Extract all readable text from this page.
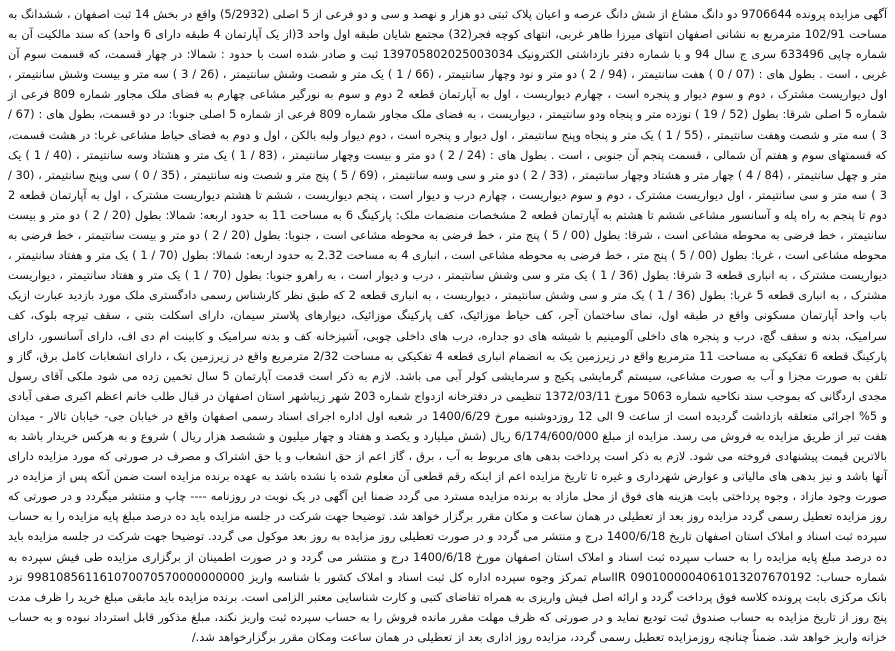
آگهی مزایده پرونده 9706644 دو دانگ مشاع از شش دانگ عرصه و اعیان پلاک ثبتی دو هزار و نهصد و سی و دو فرعی از 5 اصلی (5/2932) واقع در بخش 14 ثبت اصفهان ، ششدانگ به مساحت 102/91 مترمربع به نشانی اصفهان انتهای میرزا طاهر غربی، انتهای کوچه فجر(32) مجتمع شایان طبقه اول واحد 3(از یک آپارتمان 4 طبقه دارای 6 واحد) که سند مالکیت آن به شماره چاپی 633496 سری ج سال 94 و با شماره دفتر بازداشتی الکترونیک 139705802025003034 ثبت و صادر شده است با حدود : شمالا: در چهار قسمت، که قسمت سوم آن غربی ، است . بطول های : (07 / 0 ) هفت سانتیمتر ، (94 / 2 ) دو متر و نود وچهار سانتیمتر ، (66 / 1 ) یک متر و شصت وشش سانتیمتر ، (26 / 3 ) سه متر و بیست وشش سانتیمتر ، اول دیواریست مشترک ، دوم و سوم دیوار و پنجره است ، چهارم دیواریست ، اول به آپارتمان قطعه 2 دوم و سوم به نورگیر مشاعی چهارم به فضای ملک مجاور شماره 809 فرعی از شماره 5 اصلی شرقا: بطول (52 / 19 ) نوزده متر و پنجاه ودو سانتیمتر ، دیواریست ، به فضای ملک مجاور شماره 809 فرعی از شماره 5 اصلی جنوبا: در دو قسمت، بطول های : (67 / 3 ) سه متر و شصت وهفت سانتیمتر ، (55 / 1 ) یک متر و پنجاه وپنج سانتیمتر ، اول دیوار و پنجره است ، دوم دیوار ولبه بالکن ، اول و دوم به فضای حیاط مشاعی غربا: در هشت قسمت، که قسمتهای سوم و هفتم آن شمالی ، قسمت پنجم آن جنوبی ، است . بطول های : (24 / 2 ) دو متر و بیست وچهار سانتیمتر ، (83 / 1 ) یک متر و هشتاد وسه سانتیمتر ، (40 / 1 ) یک متر و چهل سانتیمتر ، (84 / 4 ) چهار متر و هشتاد وچهار سانتیمتر ، (33 / 2 ) دو متر و سی وسه سانتیمتر ، (69 / 5 ) پنج متر و شصت ونه سانتیمتر ، (35 / 0 ) سی وپنج سانتیمتر ، (30 / 3 ) سه متر و سی سانتیمتر ، اول دیواریست مشترک ، دوم و سوم دیواریست ، چهارم درب و دیوار است ، پنجم دیواریست ، ششم تا هشتم دیواریست مشترک ، اول به آپارتمان قطعه 2 دوم تا پنجم به راه پله و آسانسور مشاعی ششم تا هشتم به آپارتمان قطعه 2 مشخصات منضمات ملک: پارکینگ 6 به مساحت 11 به حدود اربعه: شمالا: بطول (20 / 2 ) دو متر و بیست سانتیمتر ، خط فرضی به محوطه مشاعی است ، شرقا: بطول (00 / 5 ) پنج متر ، خط فرضی به محوطه مشاعی است ، جنوبا: بطول (20 / 2 ) دو متر و بیست سانتیمتر ، خط فرضی به محوطه مشاعی است ، غربا: بطول (00 / 5 ) پنج متر ، خط فرضی به محوطه مشاعی است ، انباری 4 به مساحت 2.32 به حدود اربعه: شمالا: بطول (70 / 1 ) یک متر و هفتاد سانتیمتر ، دیواریست مشترک ، به انباری قطعه 3 شرقا: بطول (36 / 1 ) یک متر و سی وشش سانتیمتر ، درب و دیوار است ، به راهرو جنوبا: بطول (70 / 1 ) یک متر و هفتاد سانتیمتر ، دیواریست مشترک ، به انباری قطعه 5 غربا: بطول (36 / 1 ) یک متر و سی وشش سانتیمتر ، دیواریست ، به انباری قطعه 2 که طبق نظر کارشناس رسمی دادگستری ملک مورد بازدید عبارت ازیک باب واحد آپارتمان مسکونی واقع در طبقه اول، نمای ساختمان آجر، کف حیاط موزائیک، کف پارکینگ موزائیک، دیوارهای پلاستر سیمان، دارای اسکلت بتنی ، سقف تیرچه بلوک، کف سرامیک، بدنه و سقف گچ، درب و پنجره های داخلی آلومینیم با شیشه های دو جداره، درب های داخلی چوبی، آشپزخانه کف و بدنه سرامیک و کابینت ام دی اف، دارای آسانسور، دارای پارکینگ قطعه 6 تفکیکی به مساحت 11 مترمربع واقع در زیرزمین یک به انضمام انباری قطعه 4 تفکیکی به مساحت 2/32 مترمربع واقع در زیرزمین یک ، دارای انشعابات کامل برق، گاز و تلفن به صورت مجزا و آب به صورت مشاعی، سیستم گرمایشی پکیج و سرمایشی کولر آبی می باشد. لازم به ذکر است قدمت آپارتمان 5 سال تخمین زده می شود ملکی آقای رسول مجدی اردگانی که بموجب سند نکاحیه شماره 5063 مورخ 1372/03/11 تنظیمی در دفترخانه ازدواج شماره 203 شهر زیباشهر استان اصفهان در قبال طلب خانم اعظم اکبری صفی آبادی و 5% اجرائی متعلقه بازداشت گردیده است از ساعت 9 الی 12 روزدوشنبه مورخ 1400/6/29 در شعبه اول اداره اجرای اسناد رسمی اصفهان واقع در خیابان جی- خیابان تالار - میدان هفت تیر از طریق مزایده به فروش می رسد. مزایده از مبلغ 6/174/600/000 ریال (شش میلیارد و یکصد و هفتاد و چهار میلیون و ششصد هزار ریال ) شروع و به هرکس خریدار باشد به بالاترین قیمت پیشنهادی فروخته می شود. لازم به ذکر است پرداخت بدهی های مربوط به آب ، برق ، گاز اعم از حق انشعاب و یا حق اشتراک و مصرف در صورتی که مورد مزایده دارای آنها باشد و نیز بدهی های مالیاتی و عوارض شهرداری و غیره تا تاریخ مزایده اعم از اینکه رقم قطعی آن معلوم شده یا نشده باشد به عهده برنده مزایده است ضمن آنکه پس از مزایده در صورت وجود مازاد ، وجوه پرداختی بابت هزینه های فوق از محل مازاد به برنده مزایده مسترد می گردد ضمنا این آگهی در یک نوبت در روزنامه ---- چاپ و منتشر میگردد و در صورتی که روز مزایده تعطیل رسمی گردد مزایده روز بعد از تعطیلی در همان ساعت و مکان مقرر برگزار خواهد شد. توضیحا جهت شرکت در جلسه مزایده باید ده درصد مبلغ پایه مزایده را به حساب سپرده ثبت اسناد و املاک استان اصفهان تاریخ 1400/6/18 درج و منتشر می گردد و در صورت تعطیلی روز مزایده به روز بعد موکول می گردد. توضیحا جهت شرکت در جلسه مزایده باید ده درصد مبلغ پایه مزایده را به حساب سپرده ثبت اسناد و املاک استان اصفهان مورخ 1400/6/18 درج و منتشر می گردد و در صورت اطمینان از برگزاری مزایده طی فیش سپرده به شماره حساب: 0901000004061013207670192 IRاسام تمرکز وجوه سپرده اداره کل ثبت اسناد و املاک کشور با شناسه واریز 998108561161070070570000000000 نزد بانک مرکزی بابت پرونده کلاسه فوق پرداخت گردد و ارائه اصل فیش واریزی به همراه تقاضای کتبی و کارت شناسایی معتبر الزامی است. برنده مزایده باید مابقی مبلغ خرید را ظرف مدت پنج روز از تاریخ مزایده به حساب صندوق ثبت تودیع نماید و در صورتی که ظرف مهلت مقرر مانده فروش را به حساب سپرده ثبت واریز نکند، مبلغ مذکور قابل استرداد نبوده و به حساب خزانه واریز خواهد شد. ضمناً چنانچه روزمزایده تعطیل رسمی گردد، مزایده روز اداری بعد از تعطیلی در همان ساعت ومکان مقرر برگزارخواهد شد./
